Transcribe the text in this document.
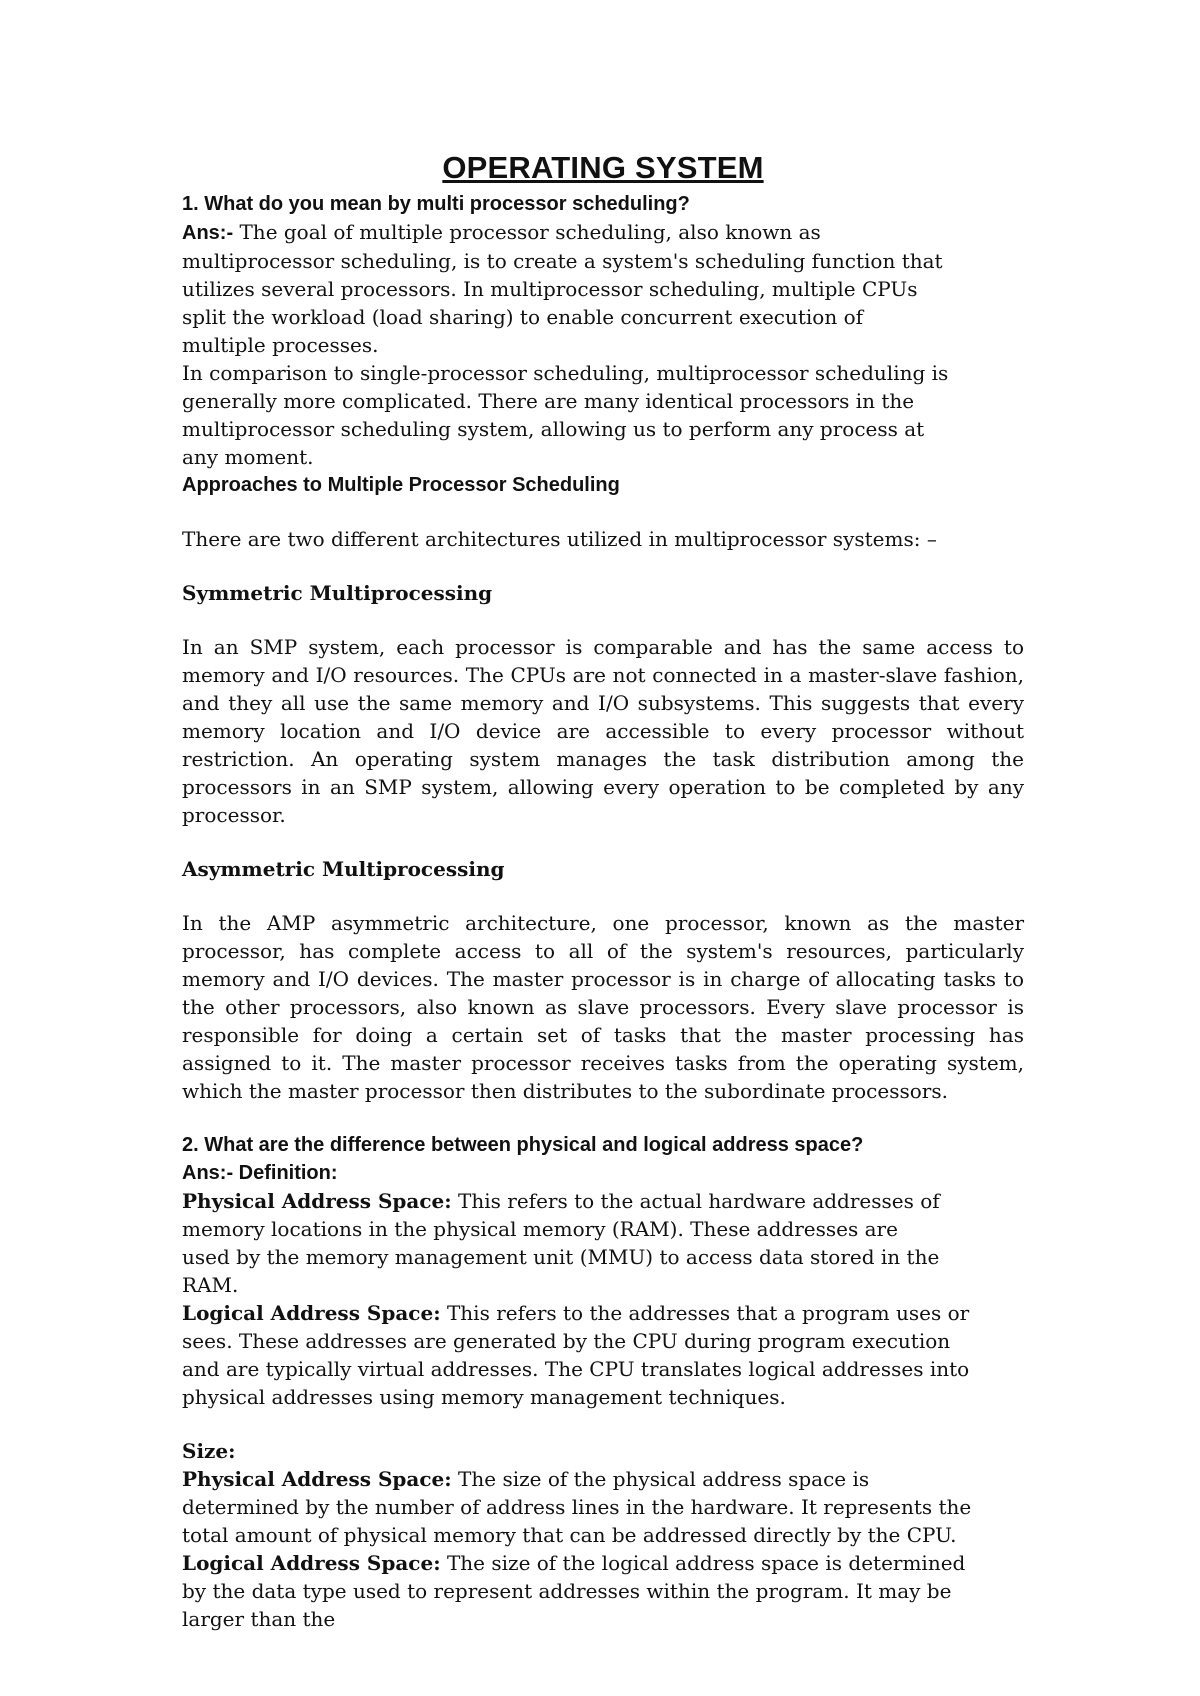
OPERATING SYSTEM

1. What do you mean by multi processor scheduling?

Ans:- The goal of multiple processor scheduling, also known as multiprocessor scheduling, is to create a system's scheduling function that utilizes several processors. In multiprocessor scheduling, multiple CPUs split the workload (load sharing) to enable concurrent execution of multiple processes.

In comparison to single-processor scheduling, multiprocessor scheduling is generally more complicated. There are many identical processors in the multiprocessor scheduling system, allowing us to perform any process at any moment.

Approaches to Multiple Processor Scheduling

There are two different architectures utilized in multiprocessor systems: –

Symmetric Multiprocessing

In an SMP system, each processor is comparable and has the same access to memory and I/O resources. The CPUs are not connected in a master-slave fashion, and they all use the same memory and I/O subsystems. This suggests that every memory location and I/O device are accessible to every processor without restriction. An operating system manages the task distribution among the processors in an SMP system, allowing every operation to be completed by any processor.

Asymmetric Multiprocessing

In the AMP asymmetric architecture, one processor, known as the master processor, has complete access to all of the system's resources, particularly memory and I/O devices. The master processor is in charge of allocating tasks to the other processors, also known as slave processors. Every slave processor is responsible for doing a certain set of tasks that the master processing has assigned to it. The master processor receives tasks from the operating system, which the master processor then distributes to the subordinate processors.

2. What are the difference between physical and logical address space?

Ans:- Definition:

Physical Address Space: This refers to the actual hardware addresses of memory locations in the physical memory (RAM). These addresses are used by the memory management unit (MMU) to access data stored in the RAM.

Logical Address Space: This refers to the addresses that a program uses or sees. These addresses are generated by the CPU during program execution and are typically virtual addresses. The CPU translates logical addresses into physical addresses using memory management techniques.

Size:

Physical Address Space: The size of the physical address space is determined by the number of address lines in the hardware. It represents the total amount of physical memory that can be addressed directly by the CPU.

Logical Address Space: The size of the logical address space is determined by the data type used to represent addresses within the program. It may be larger than the
